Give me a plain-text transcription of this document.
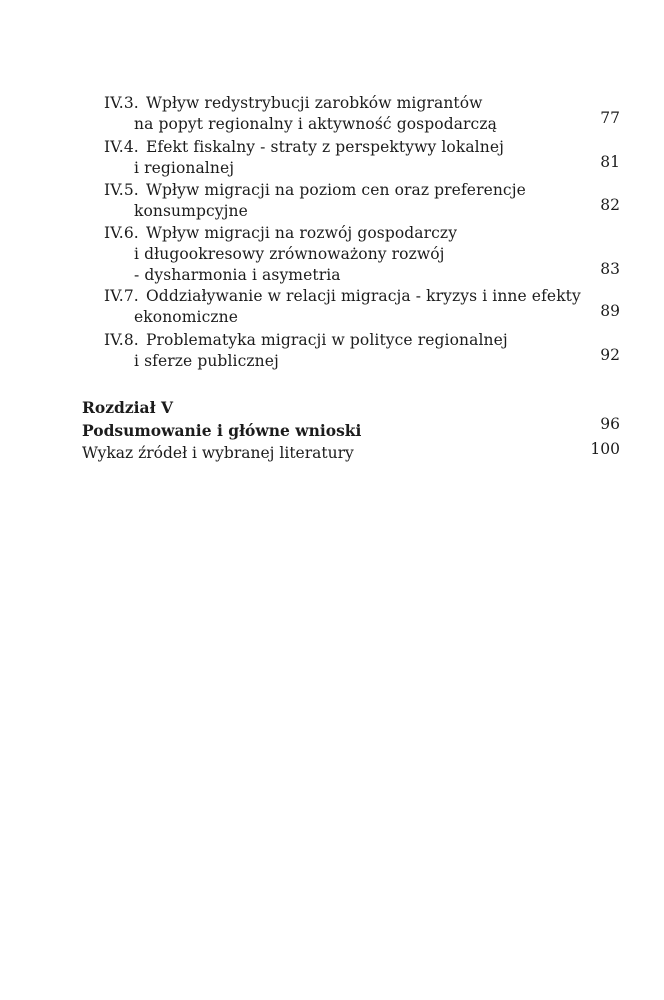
IV.3. Wpływ redystrybucji zarobków migrantów
na popyt regionalny i aktywność gospodarczą	77
IV.4. Efekt fiskalny - straty z perspektywy lokalnej
i regionalnej	81
IV.5. Wpływ migracji na poziom cen oraz preferencje
konsumpcyjne	82
IV.6. Wpływ migracji na rozwój gospodarczy
i długookresowy zrównoważony rozwój
- dysharmonia i asymetria	83
IV.7. Oddziaływanie w relacji migracja - kryzys i inne efekty
ekonomiczne	89
IV.8. Problematyka migracji w polityce regionalnej
i sferze publicznej	92
Rozdział V
Podsumowanie i główne wnioski	96
Wykaz źródeł i wybranej literatury	100
